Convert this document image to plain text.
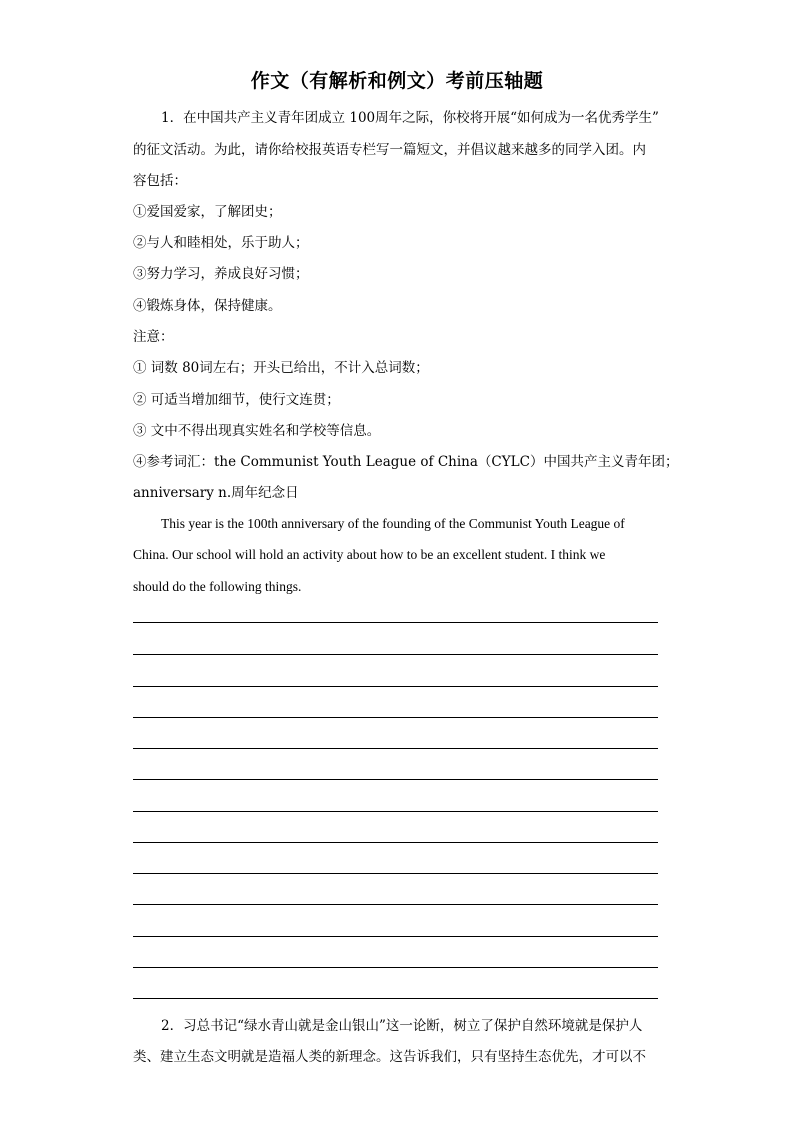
作文（有解析和例文）考前压轴题
1．在中国共产主义青年团成立 100周年之际，你校将开展“如何成为一名优秀学生”
的征文活动。为此，请你给校报英语专栏写一篇短文，并倡议越来越多的同学入团。内
容包括：
①爱国爱家，了解团史；
②与人和睦相处，乐于助人；
③努力学习，养成良好习惯；
④锻炼身体，保持健康。
注意：
① 词数 80词左右；开头已给出，不计入总词数；
② 可适当增加细节，使行文连贯；
③ 文中不得出现真实姓名和学校等信息。
④参考词汇：the Communist Youth League of China（CYLC）中国共产主义青年团；
anniversary n.周年纪念日
This year is the 100th anniversary of the founding of the Communist Youth League of
China. Our school will hold an activity about how to be an excellent student. I think we
should do the following things.
2．习总书记“绿水青山就是金山银山”这一论断，树立了保护自然环境就是保护人
类、建立生态文明就是造福人类的新理念。这告诉我们，只有坚持生态优先，才可以不
